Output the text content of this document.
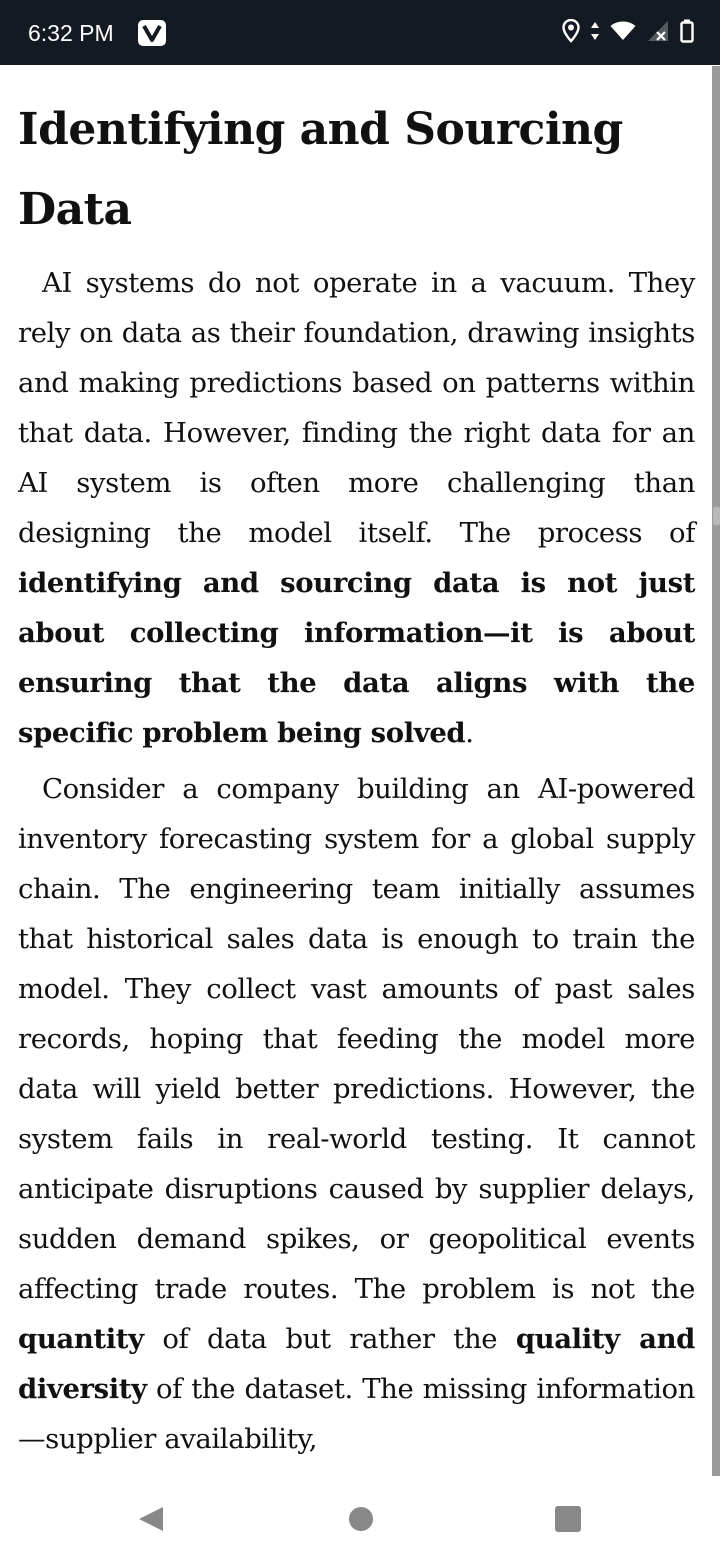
6:32 PM
Identifying and Sourcing
Data

AI systems do not operate in a vacuum. They rely on data as their foundation, drawing insights and making predictions based on patterns within that data. However, finding the right data for an AI system is often more challenging than designing the model itself. The process of identifying and sourcing data is not just about collecting information—it is about ensuring that the data aligns with the specific problem being solved.

Consider a company building an AI-powered inventory forecasting system for a global supply chain. The engineering team initially assumes that historical sales data is enough to train the model. They collect vast amounts of past sales records, hoping that feeding the model more data will yield better predictions. However, the system fails in real-world testing. It cannot anticipate disruptions caused by supplier delays, sudden demand spikes, or geopolitical events affecting trade routes. The problem is not the quantity of data but rather the quality and diversity of the dataset. The missing information—supplier availability,
